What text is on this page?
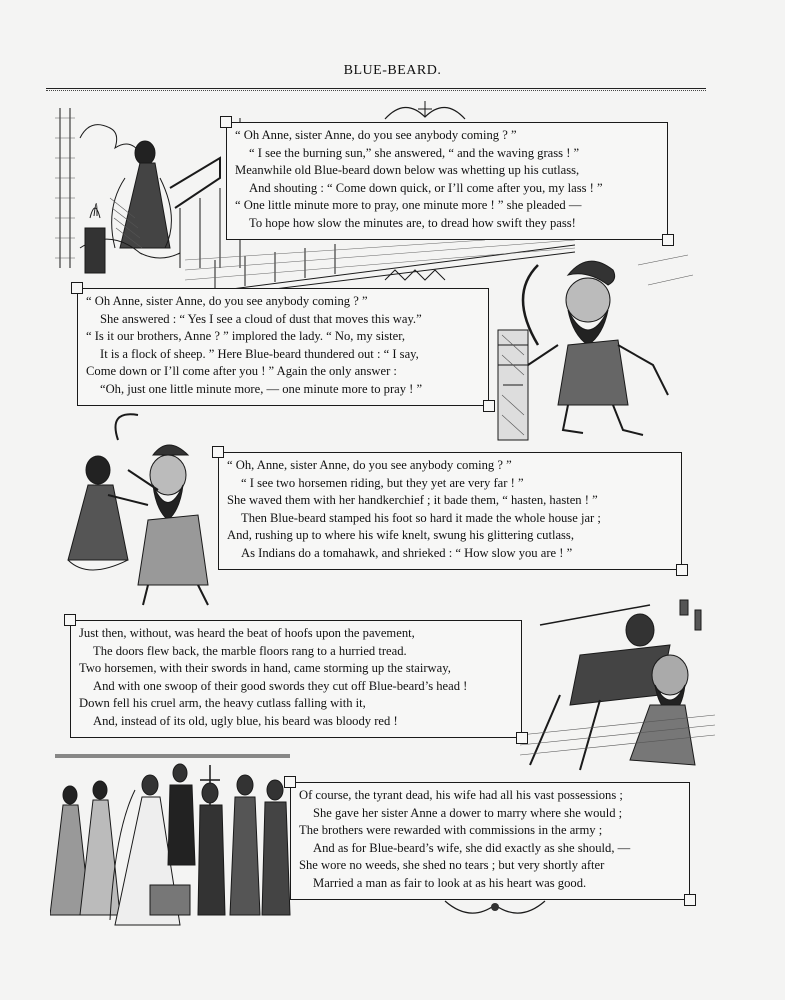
BLUE-BEARD.

“ Oh Anne, sister Anne, do you see anybody coming ? ”
“ I see the burning sun,” she answered, “ and the waving grass ! ”
Meanwhile old Blue-beard down below was whetting up his cutlass,
And shouting : “ Come down quick, or I’ll come after you, my lass ! ”
“ One little minute more to pray, one minute more ! ” she pleaded —
To hope how slow the minutes are, to dread how swift they pass!

“ Oh Anne, sister Anne, do you see anybody coming ? ”
She answered : “ Yes I see a cloud of dust that moves this way.”
“ Is it our brothers, Anne ? ” implored the lady. “ No, my sister,
It is a flock of sheep. ” Here Blue-beard thundered out : “ I say,
Come down or I’ll come after you ! ” Again the only answer :
“Oh, just one little minute more, — one minute more to pray ! ”

“ Oh, Anne, sister Anne, do you see anybody coming ? ”
“ I see two horsemen riding, but they yet are very far ! ”
She waved them with her handkerchief ; it bade them, “ hasten, hasten ! ”
Then Blue-beard stamped his foot so hard it made the whole house jar ;
And, rushing up to where his wife knelt, swung his glittering cutlass,
As Indians do a tomahawk, and shrieked : “ How slow you are ! ”

Just then, without, was heard the beat of hoofs upon the pavement,
The doors flew back, the marble floors rang to a hurried tread.
Two horsemen, with their swords in hand, came storming up the stairway,
And with one swoop of their good swords they cut off Blue-beard’s head !
Down fell his cruel arm, the heavy cutlass falling with it,
And, instead of its old, ugly blue, his beard was bloody red !

Of course, the tyrant dead, his wife had all his vast possessions ;
She gave her sister Anne a dower to marry where she would ;
The brothers were rewarded with commissions in the army ;
And as for Blue-beard’s wife, she did exactly as she should, —
She wore no weeds, she shed no tears ; but very shortly after
Married a man as fair to look at as his heart was good.
